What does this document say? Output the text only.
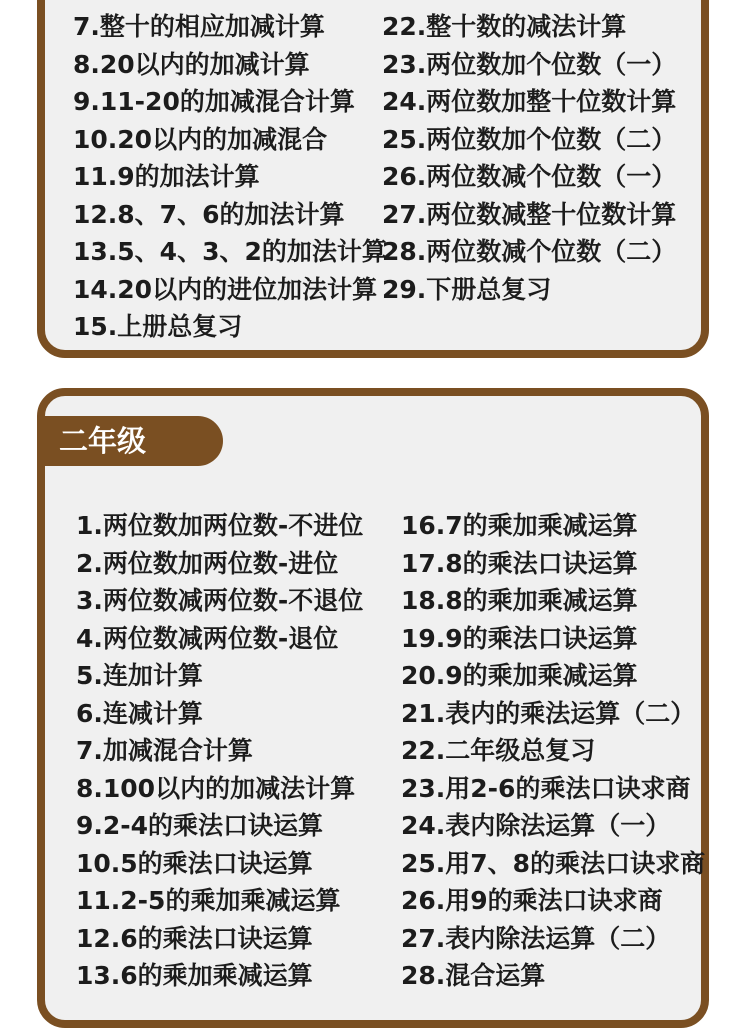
7.整十的相应加减计算
8.20以内的加减计算
9.11-20的加减混合计算
10.20以内的加减混合
11.9的加法计算
12.8、7、6的加法计算
13.5、4、3、2的加法计算
14.20以内的进位加法计算
15.上册总复习
22.整十数的减法计算
23.两位数加个位数（一）
24.两位数加整十位数计算
25.两位数加个位数（二）
26.两位数减个位数（一）
27.两位数减整十位数计算
28.两位数减个位数（二）
29.下册总复习
二年级
1.两位数加两位数-不进位
2.两位数加两位数-进位
3.两位数减两位数-不退位
4.两位数减两位数-退位
5.连加计算
6.连减计算
7.加减混合计算
8.100以内的加减法计算
9.2-4的乘法口诀运算
10.5的乘法口诀运算
11.2-5的乘加乘减运算
12.6的乘法口诀运算
13.6的乘加乘减运算
16.7的乘加乘减运算
17.8的乘法口诀运算
18.8的乘加乘减运算
19.9的乘法口诀运算
20.9的乘加乘减运算
21.表内的乘法运算（二）
22.二年级总复习
23.用2-6的乘法口诀求商
24.表内除法运算（一）
25.用7、8的乘法口诀求商
26.用9的乘法口诀求商
27.表内除法运算（二）
28.混合运算
